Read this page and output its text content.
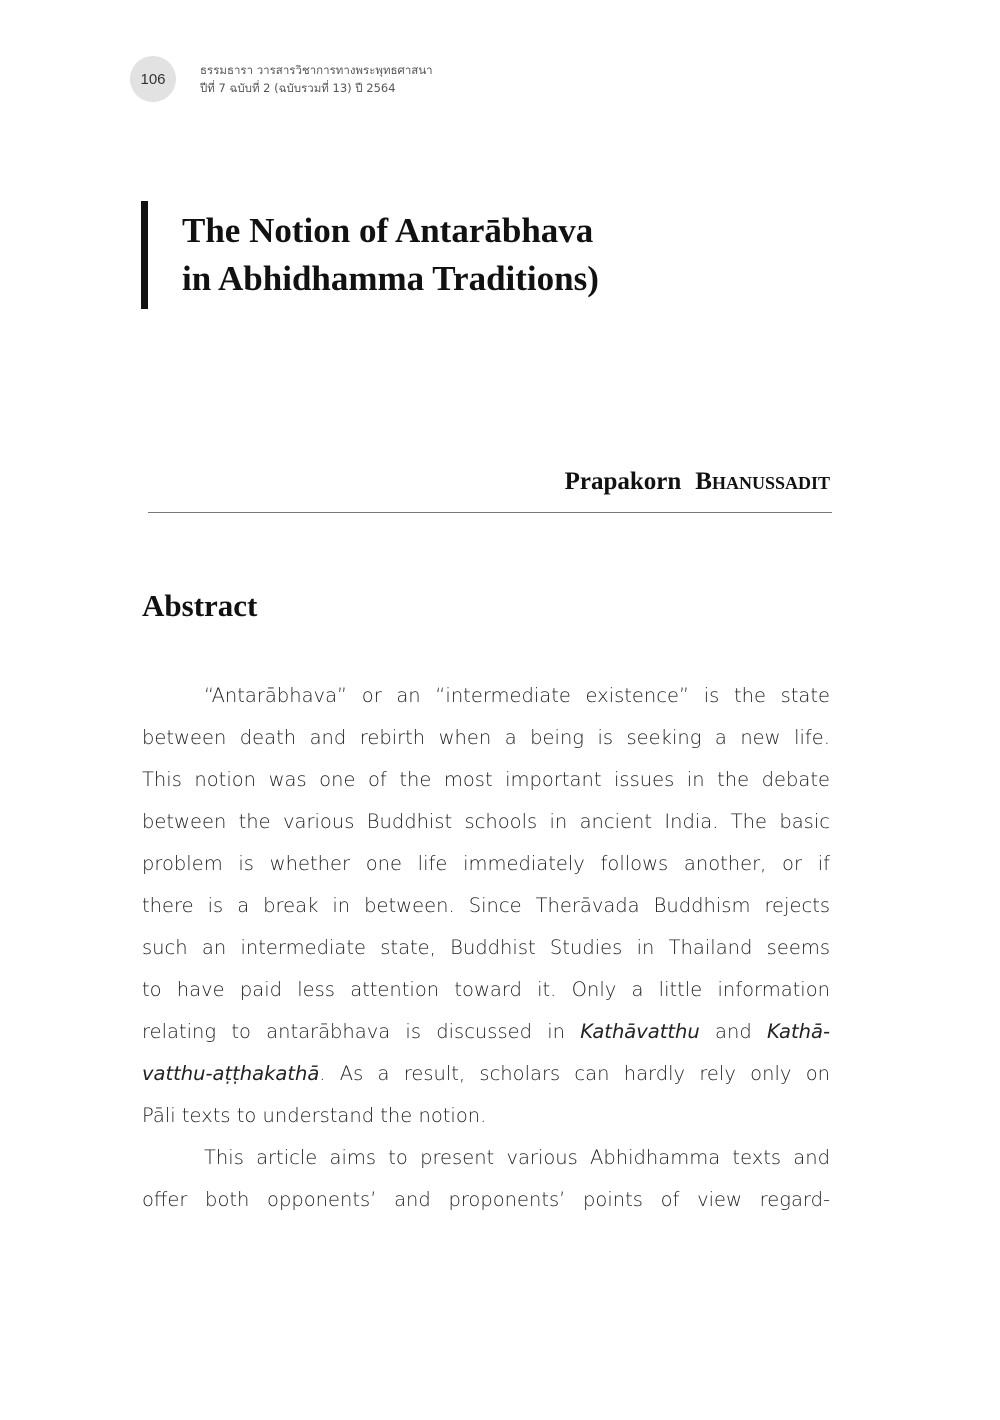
106
ธรรมธารา วารสารวิชาการทางพระพุทธศาสนา
ปีที่ 7 ฉบับที่ 2 (ฉบับรวมที่ 13) ปี 2564
The Notion of Antarābhava
in Abhidhamma Traditions)
Prapakorn Bhanussadit
Abstract
“Antarābhava” or an “intermediate existence” is the state
between death and rebirth when a being is seeking a new life.
This notion was one of the most important issues in the debate
between the various Buddhist schools in ancient India. The basic
problem is whether one life immediately follows another, or if
there is a break in between. Since Therāvada Buddhism rejects
such an intermediate state, Buddhist Studies in Thailand seems
to have paid less attention toward it. Only a little information
relating to antarābhava is discussed in Kathāvatthu and Kathā-
vatthu-aṭṭhakathā. As a result, scholars can hardly rely only on
Pāli texts to understand the notion.
This article aims to present various Abhidhamma texts and
offer both opponents’ and proponents’ points of view regard-
